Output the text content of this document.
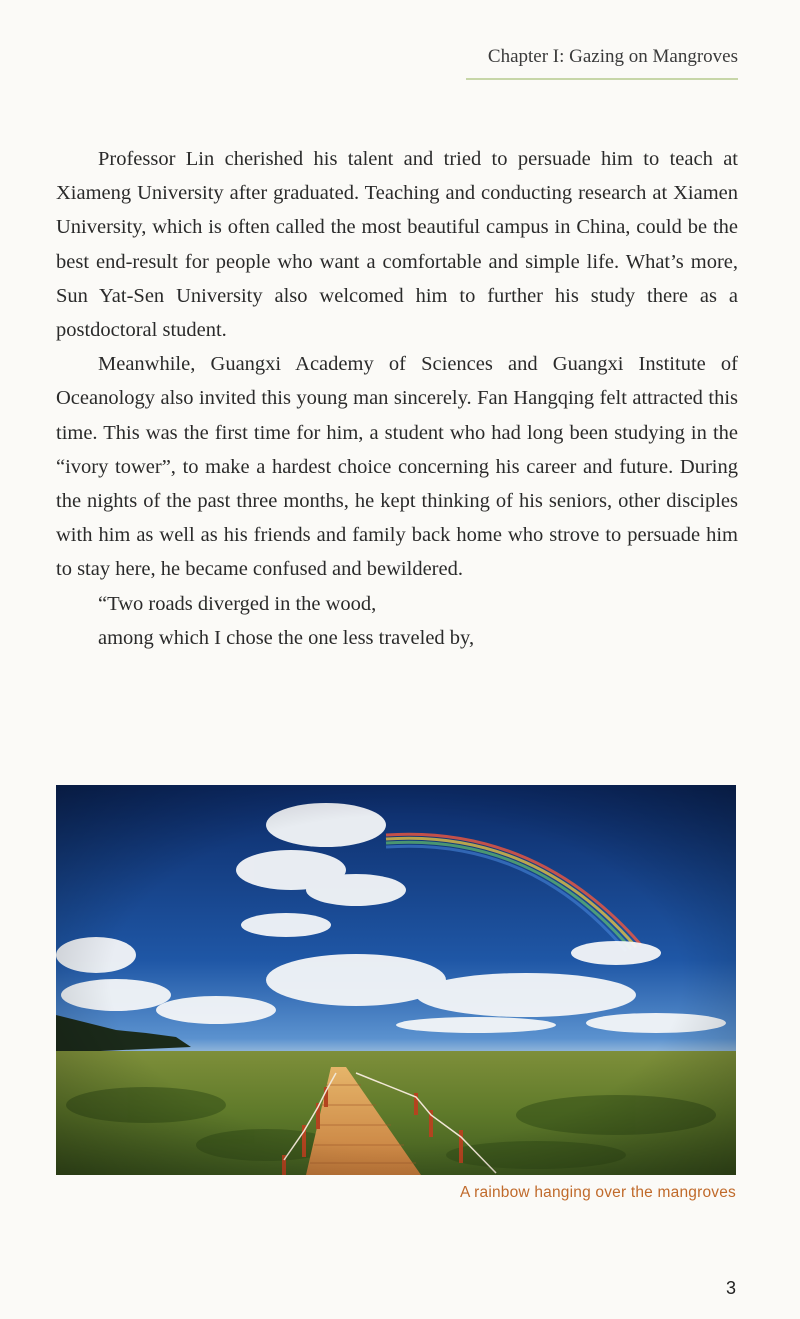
Chapter I: Gazing on Mangroves

Professor Lin cherished his talent and tried to persuade him to teach at Xiameng University after graduated. Teaching and conducting research at Xiamen University, which is often called the most beautiful campus in China, could be the best end-result for people who want a comfortable and simple life. What’s more, Sun Yat-Sen University also welcomed him to further his study there as a postdoctoral student.

Meanwhile, Guangxi Academy of Sciences and Guangxi Institute of Oceanology also invited this young man sincerely. Fan Hangqing felt attracted this time. This was the first time for him, a student who had long been studying in the “ivory tower”, to make a hardest choice concerning his career and future. During the nights of the past three months, he kept thinking of his seniors, other disciples with him as well as his friends and family back home who strove to persuade him to stay here, he became confused and bewildered.

“Two roads diverged in the wood,

among which I chose the one less traveled by,

A rainbow hanging over the mangroves
3
